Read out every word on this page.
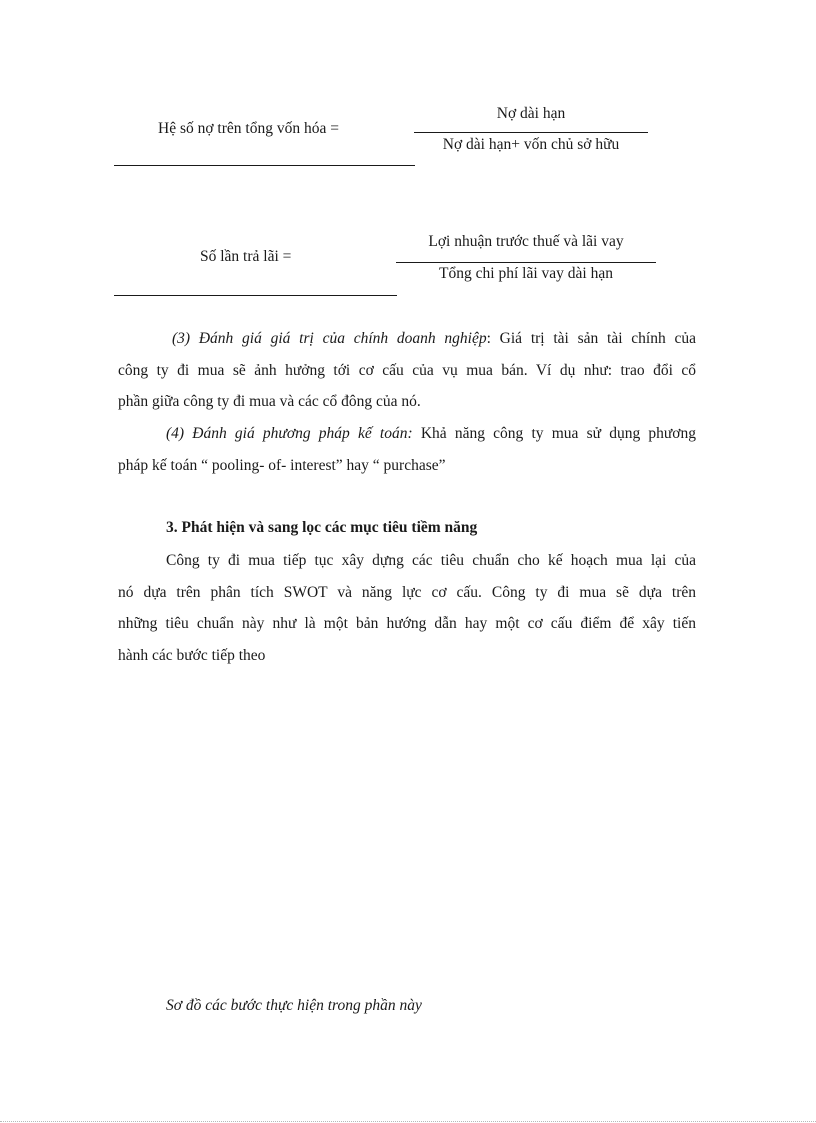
Hệ số nợ trên tổng vốn hóa =
Nợ dài hạn
Nợ dài hạn+ vốn chủ sở hữu
Số lần trả lãi =
Lợi nhuận trước thuế và lãi vay
Tổng chi phí lãi vay dài hạn
(3) Đánh giá giá trị của chính doanh nghiệp: Giá trị tài sản tài chính của
công ty đi mua sẽ ảnh hưởng tới cơ cấu của vụ mua bán. Ví dụ như: trao đổi cổ
phần giữa công ty đi mua và các cổ đông của nó.
(4) Đánh giá phương pháp kế toán: Khả năng công ty mua sử dụng phương
pháp kế toán “ pooling- of- interest” hay “ purchase”
3. Phát hiện và sang lọc các mục tiêu tiềm năng
Công ty đi mua tiếp tục xây dựng các tiêu chuẩn cho kế hoạch mua lại của
nó dựa trên phân tích SWOT và năng lực cơ cấu. Công ty đi mua sẽ dựa trên
những tiêu chuẩn này như là một bản hướng dẫn hay một cơ cấu điểm để xây tiến
hành các bước tiếp theo
Sơ đồ các bước thực hiện trong phần này
